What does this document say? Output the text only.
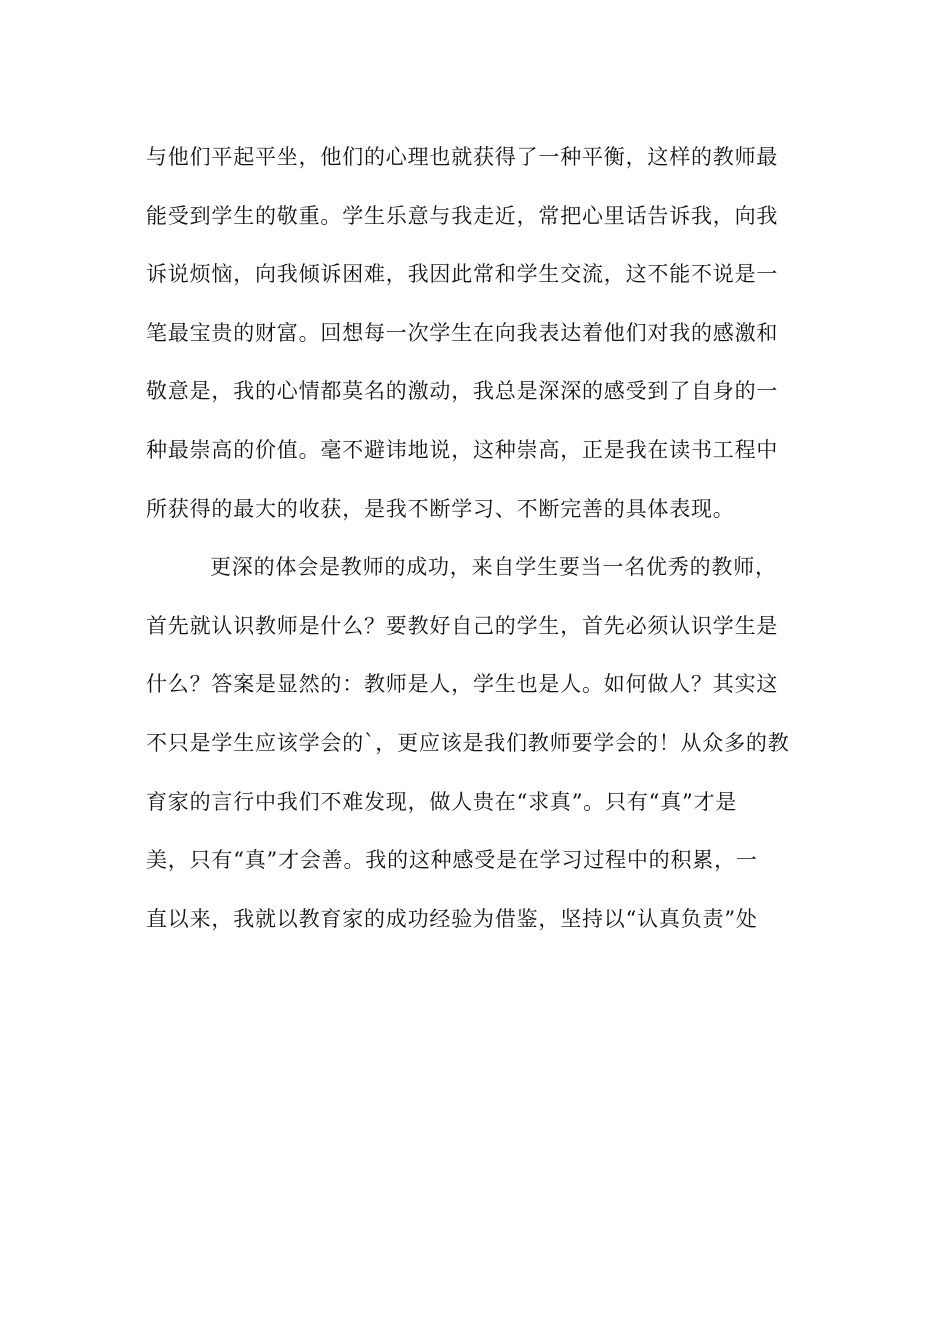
与他们平起平坐，他们的心理也就获得了一种平衡，这样的教师最
能受到学生的敬重。学生乐意与我走近，常把心里话告诉我，向我
诉说烦恼，向我倾诉困难，我因此常和学生交流，这不能不说是一
笔最宝贵的财富。回想每一次学生在向我表达着他们对我的感激和
敬意是，我的心情都莫名的激动，我总是深深的感受到了自身的一
种最崇高的价值。毫不避讳地说，这种崇高，正是我在读书工程中
所获得的最大的收获，是我不断学习、不断完善的具体表现。
更深的体会是教师的成功，来自学生要当一名优秀的教师，
首先就认识教师是什么？要教好自己的学生，首先必须认识学生是
什么？答案是显然的：教师是人，学生也是人。如何做人？其实这
不只是学生应该学会的`，更应该是我们教师要学会的！从众多的教
育家的言行中我们不难发现，做人贵在“求真”。只有“真”才是
美，只有“真”才会善。我的这种感受是在学习过程中的积累，一
直以来，我就以教育家的成功经验为借鉴，坚持以“认真负责”处
